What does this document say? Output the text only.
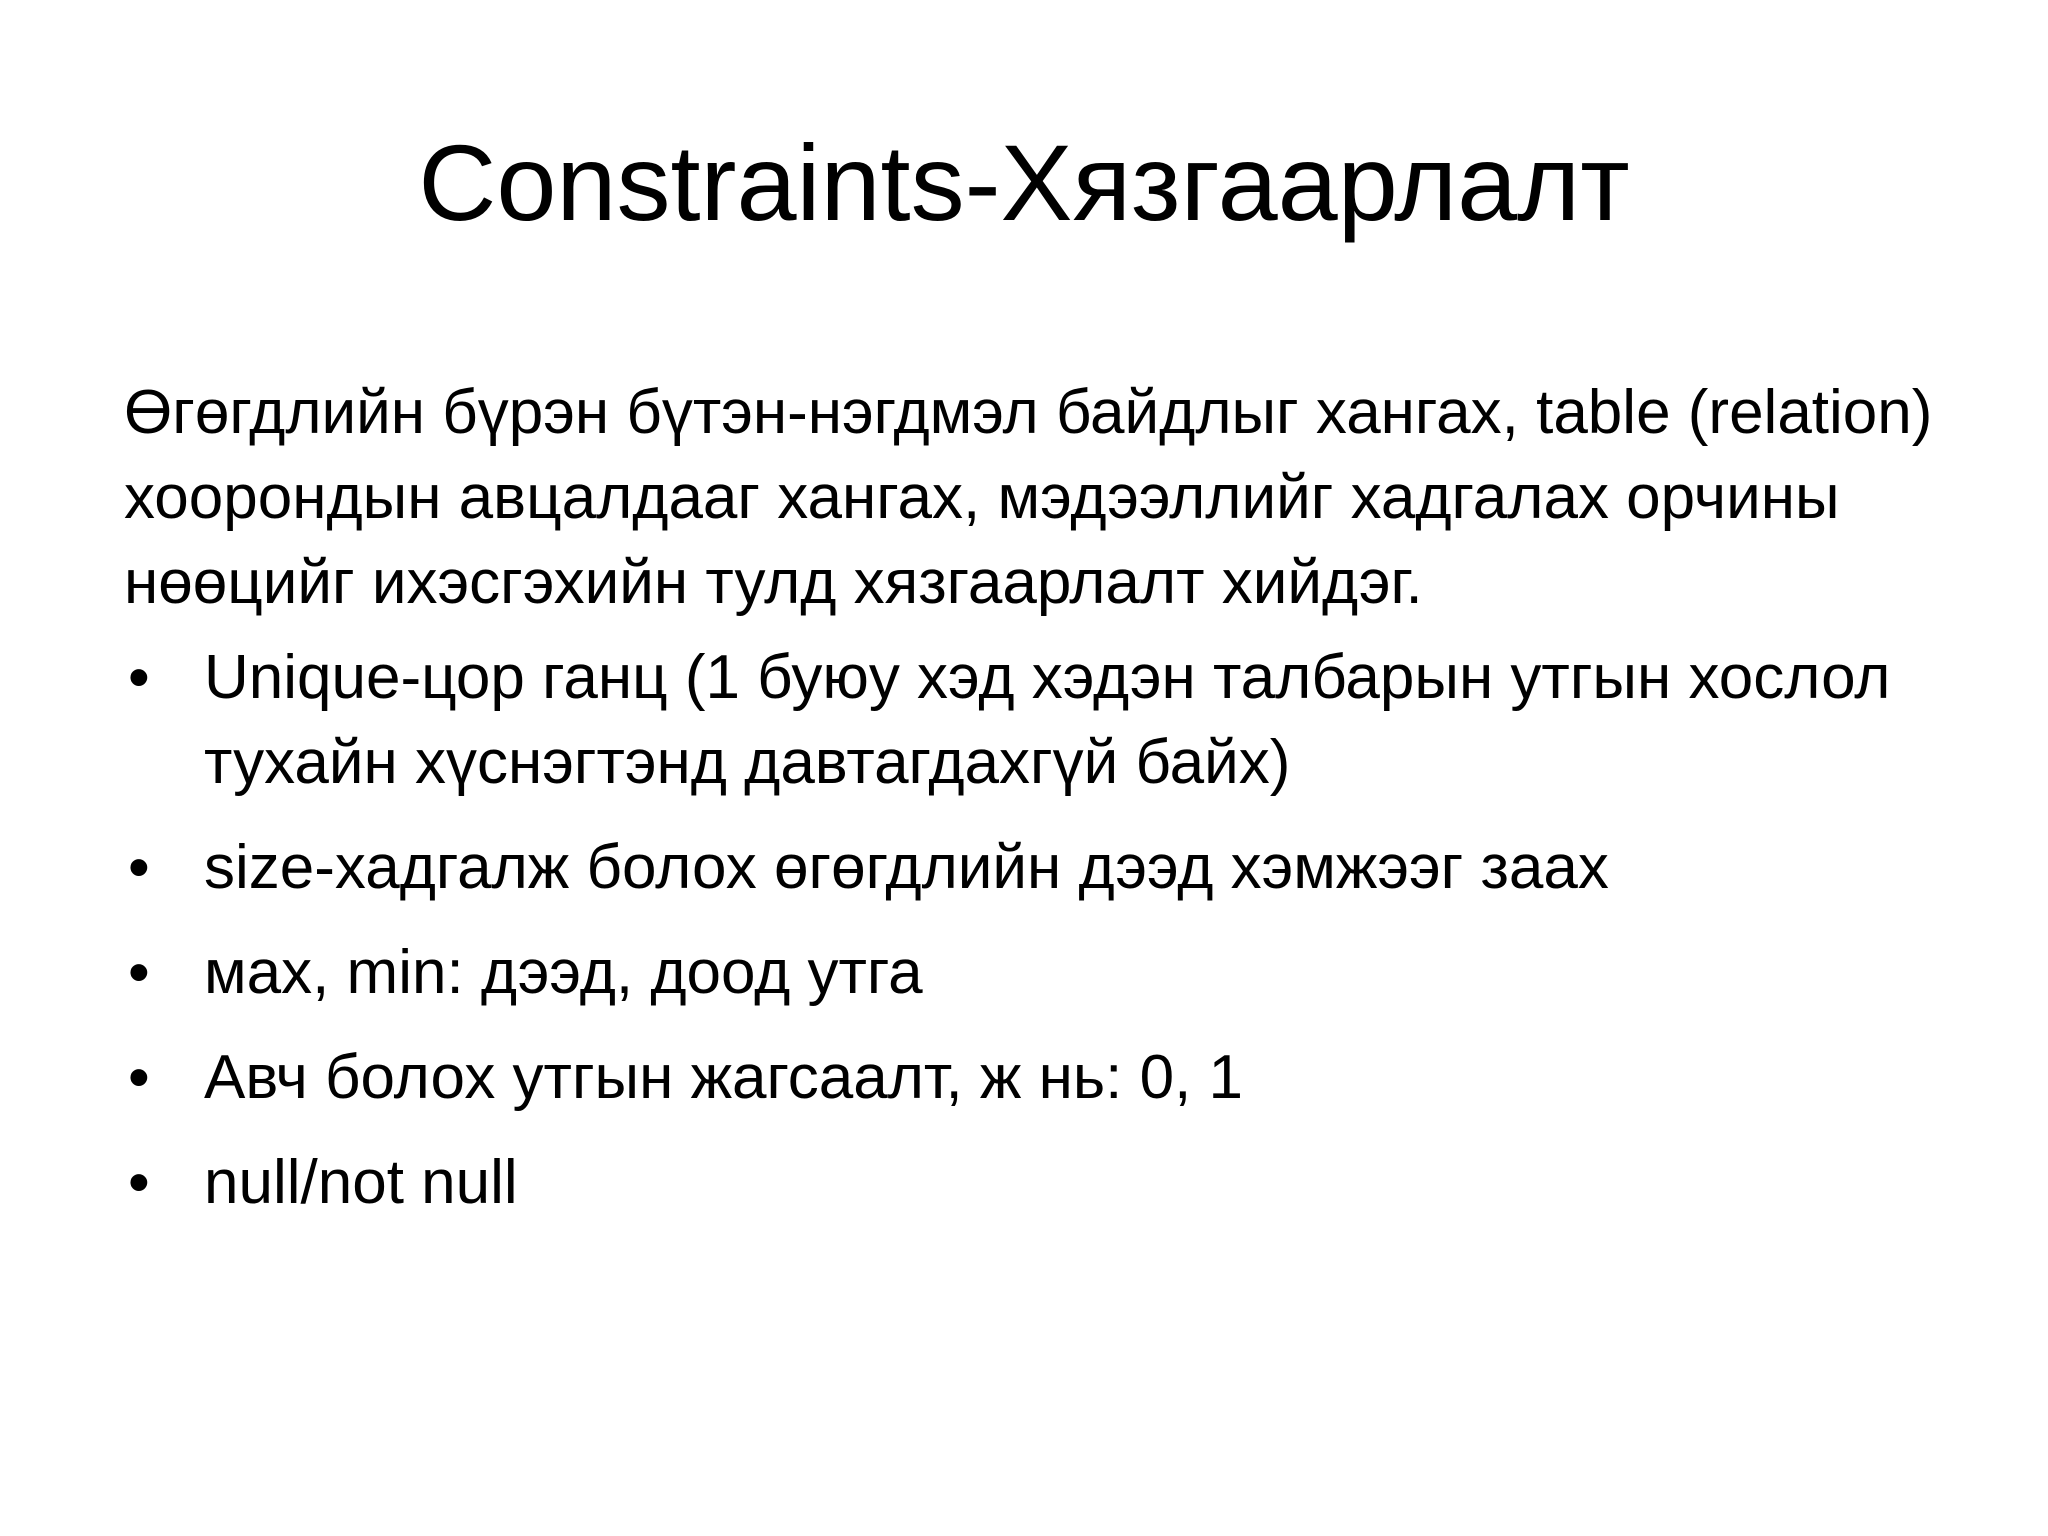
Constraints-Хязгаарлалт

Өгөгдлийн бүрэн бүтэн-нэгдмэл байдлыг хангах, table (relation) хоорондын авцалдааг хангах, мэдээллийг хадгалах орчины нөөцийг ихэсгэхийн тулд хязгаарлалт хийдэг.

• Unique-цор ганц (1 буюу хэд хэдэн талбарын утгын хослол тухайн хүснэгтэнд давтагдахгүй байх)
• size-хадгалж болох өгөгдлийн дээд хэмжээг заах
• мах, min: дээд, доод утга
• Авч болох утгын жагсаалт, ж нь: 0, 1
• null/not null
